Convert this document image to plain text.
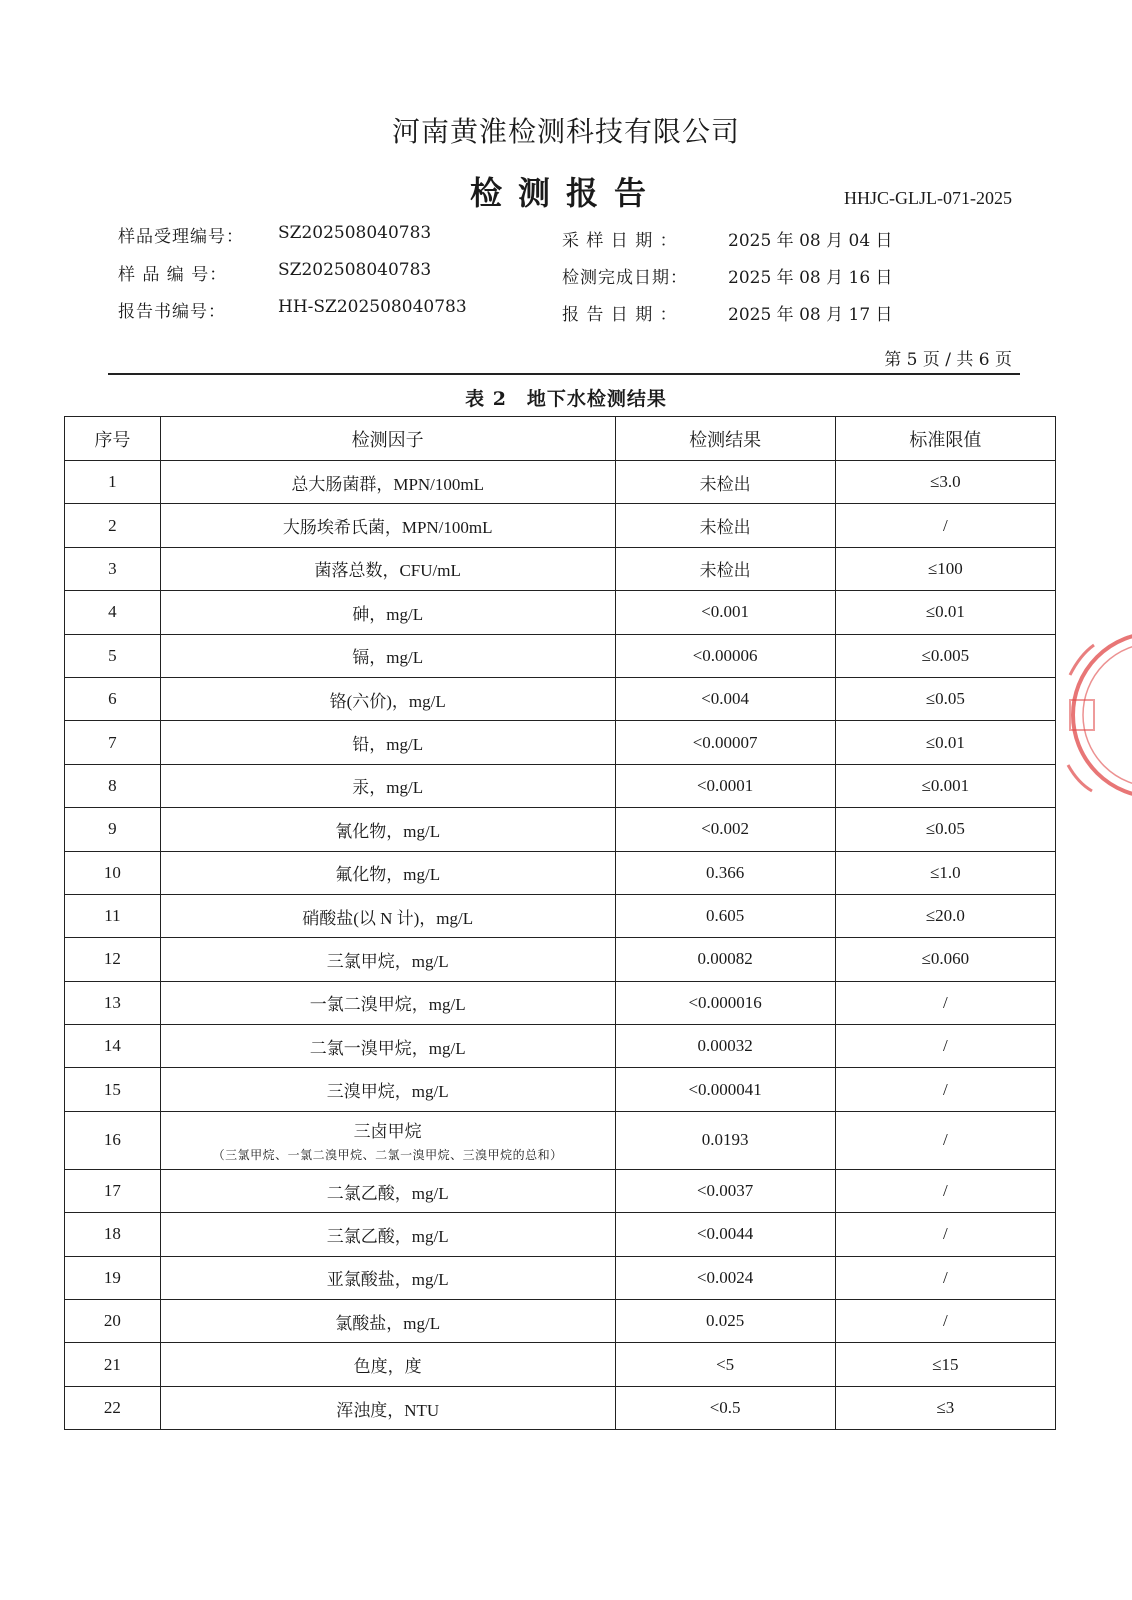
河南黄淮检测科技有限公司
检测报告	HHJC-GLJL-071-2025
样品受理编号： SZ202508040783
样 品 编 号：	SZ202508040783
报告书编号：	HH-SZ202508040783
采 样 日 期 ：	2025 年 08 月 04 日
检测完成日期： 2025 年 08 月 16 日
报 告 日 期 ：	2025 年 08 月 17 日
第 5 页 / 共 6 页
表 2　地下水检测结果
序号	检测因子	检测结果	标准限值
1	总大肠菌群，MPN/100mL	未检出	≤3.0
2	大肠埃希氏菌，MPN/100mL	未检出	/
3	菌落总数，CFU/mL	未检出	≤100
4	砷，mg/L	<0.001	≤0.01
5	镉，mg/L	<0.00006	≤0.005
6	铬(六价)，mg/L	<0.004	≤0.05
7	铅，mg/L	<0.00007	≤0.01
8	汞，mg/L	<0.0001	≤0.001
9	氰化物，mg/L	<0.002	≤0.05
10	氟化物，mg/L	0.366	≤1.0
11	硝酸盐(以 N 计)，mg/L	0.605	≤20.0
12	三氯甲烷，mg/L	0.00082	≤0.060
13	一氯二溴甲烷，mg/L	<0.000016	/
14	二氯一溴甲烷，mg/L	0.00032	/
15	三溴甲烷，mg/L	<0.000041	/
16	三卤甲烷
（三氯甲烷、一氯二溴甲烷、二氯一溴甲烷、三溴甲烷的总和）	0.0193	/
17	二氯乙酸，mg/L	<0.0037	/
18	三氯乙酸，mg/L	<0.0044	/
19	亚氯酸盐，mg/L	<0.0024	/
20	氯酸盐，mg/L	0.025	/
21	色度，度	<5	≤15
22	浑浊度，NTU	<0.5	≤3
